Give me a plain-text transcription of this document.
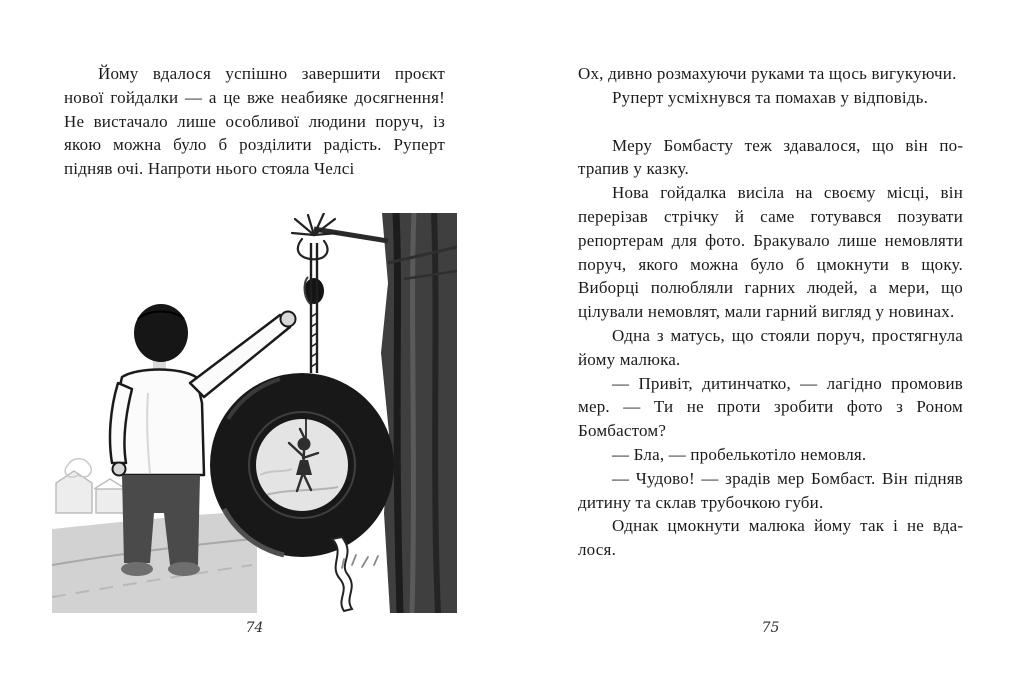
Йому вдалося успішно завершити проєкт нової гойдалки — а це вже неабияке досягнення! Не вистачало лише особливої людини поруч, із якою можна було б розділити радість. Руперт підняв очі. Напроти нього стояла Челсі

74

Ох, дивно розмахуючи руками та щось вигукуючи.

Руперт усміхнувся та помахав у відповідь.

Меру Бомбасту теж здавалося, що він потрапив у казку.

Нова гойдалка висіла на своєму місці, він перерізав стрічку й саме готувався позувати репортерам для фото. Бракувало лише немовляти поруч, якого можна було б цмокнути в щоку. Виборці полюбляли гарних людей, а мери, що цілували немовлят, мали гарний вигляд у новинах.

Одна з матусь, що стояли поруч, простягнула йому малюка.

— Привіт, дитинчатко, — лагідно промовив мер. — Ти не проти зробити фото з Роном Бомбастом?

— Бла, — пробелькотіло немовля.

— Чудово! — зрадів мер Бомбаст. Він підняв дитину та склав трубочкою губи.

Однак цмокнути малюка йому так і не вдалося.

75
